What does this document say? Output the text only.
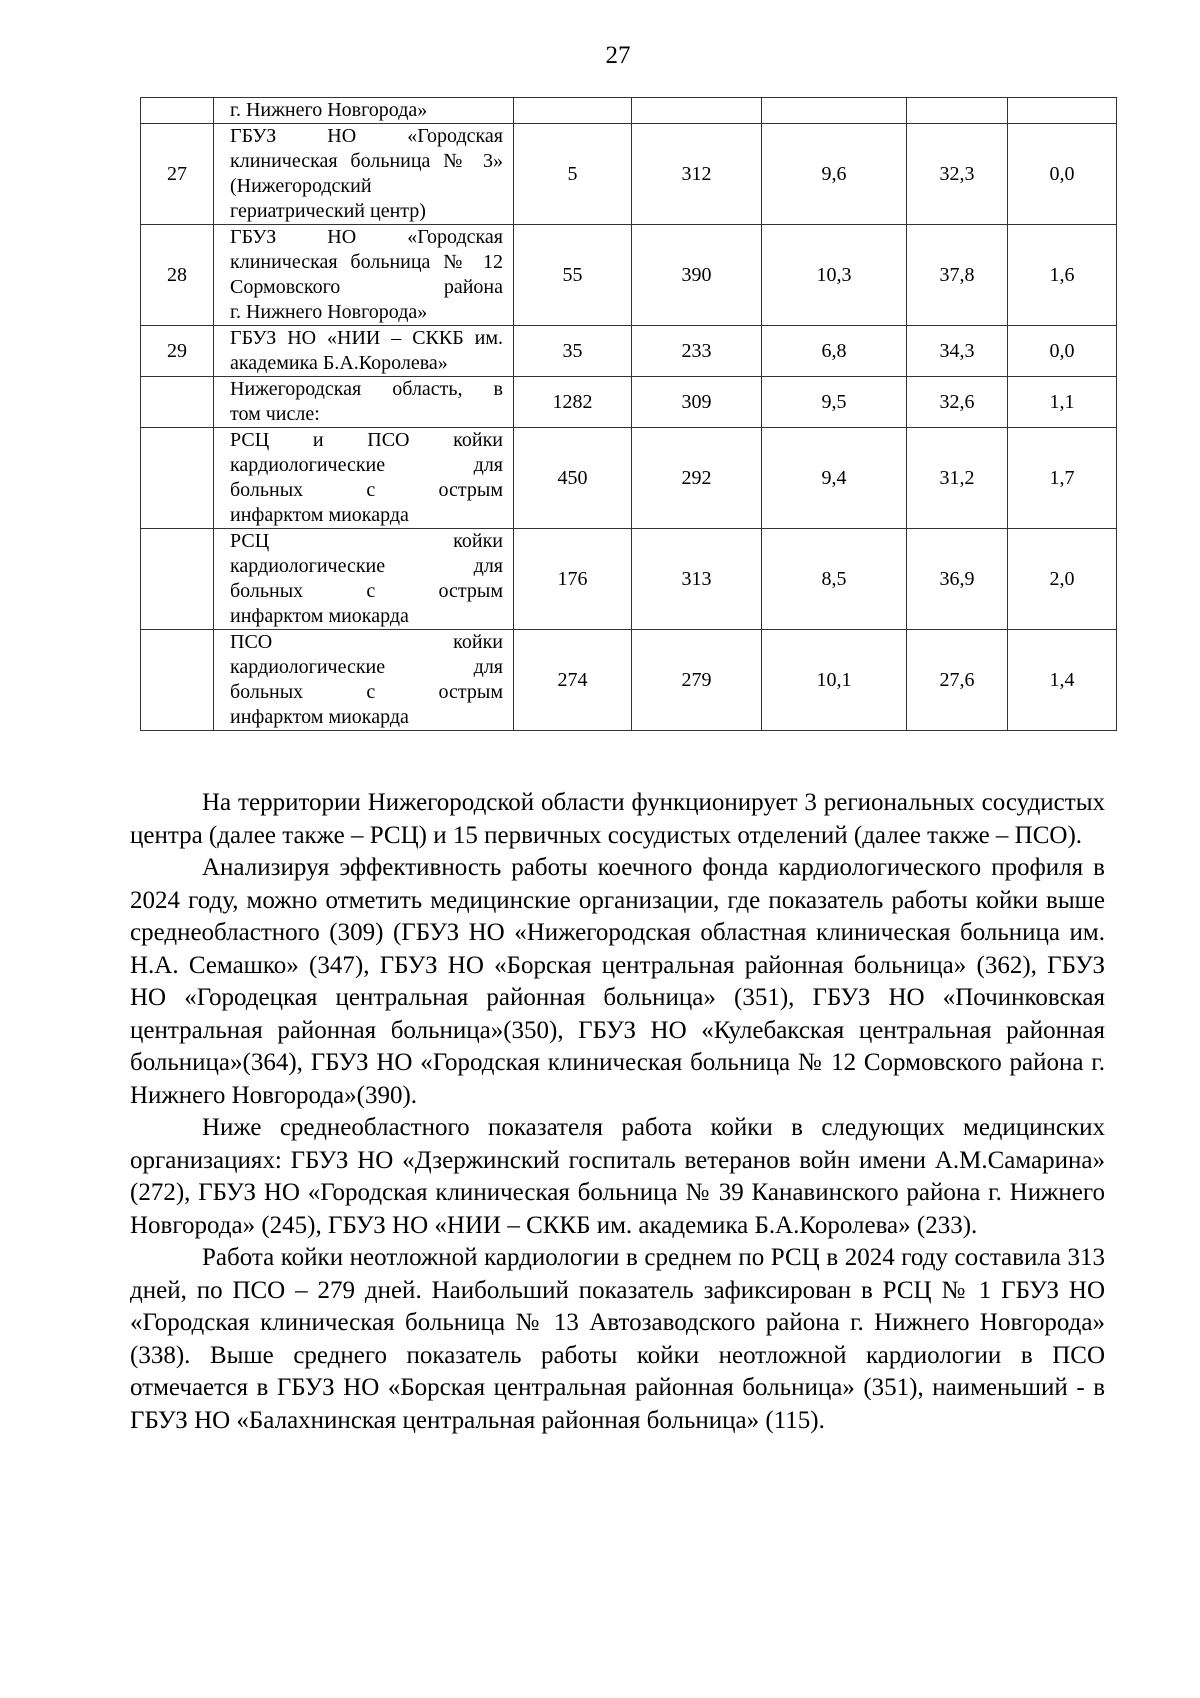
27

	г. Нижнего Новгорода»					

27	ГБУЗ НО «Городская
клиническая больница № 3»
(Нижегородский
гериатрический центр)	5	312	9,6	32,3	0,0
28	ГБУЗ НО «Городская
клиническая больница № 12
Сормовского района
г. Нижнего Новгорода»	55	390	10,3	37,8	1,6
29	ГБУЗ НО «НИИ – СККБ им.
академика Б.А.Королева»	35	233	6,8	34,3	0,0

	Нижегородская область, в
том числе:	1282	309	9,5	32,6	1,1

	РСЦ и ПСО койки
кардиологические для
больных с острым
инфарктом миокарда	450	292	9,4	31,2	1,7

	РСЦ койки
кардиологические для
больных с острым
инфарктом миокарда	176	313	8,5	36,9	2,0

	ПСО койки
кардиологические для
больных с острым
инфарктом миокарда	274	279	10,1	27,6	1,4

На территории Нижегородской области функционирует 3 региональных сосудистых центра (далее также – РСЦ) и 15 первичных сосудистых отделений (далее также – ПСО).

Анализируя эффективность работы коечного фонда кардиологического профиля в 2024 году, можно отметить медицинские организации, где показатель работы койки выше среднеобластного (309) (ГБУЗ НО «Нижегородская областная клиническая больница им. Н.А. Семашко» (347), ГБУЗ НО «Борская центральная районная больница» (362), ГБУЗ НО «Городецкая центральная районная больница» (351), ГБУЗ НО «Починковская центральная районная больница»(350), ГБУЗ НО «Кулебакская центральная районная больница»(364), ГБУЗ НО «Городская клиническая больница № 12 Сормовского района г. Нижнего Новгорода»(390).

Ниже среднеобластного показателя работа койки в следующих медицинских организациях: ГБУЗ НО «Дзержинский госпиталь ветеранов войн имени А.М.Самарина» (272), ГБУЗ НО «Городская клиническая больница № 39 Канавинского района г. Нижнего Новгорода» (245), ГБУЗ НО «НИИ – СККБ им. академика Б.А.Королева» (233).

Работа койки неотложной кардиологии в среднем по РСЦ в 2024 году составила 313 дней, по ПСО – 279 дней. Наибольший показатель зафиксирован в РСЦ № 1 ГБУЗ НО «Городская клиническая больница № 13 Автозаводского района г. Нижнего Новгорода» (338). Выше среднего показатель работы койки неотложной кардиологии в ПСО отмечается в ГБУЗ НО «Борская центральная районная больница» (351), наименьший - в ГБУЗ НО «Балахнинская центральная районная больница» (115).
